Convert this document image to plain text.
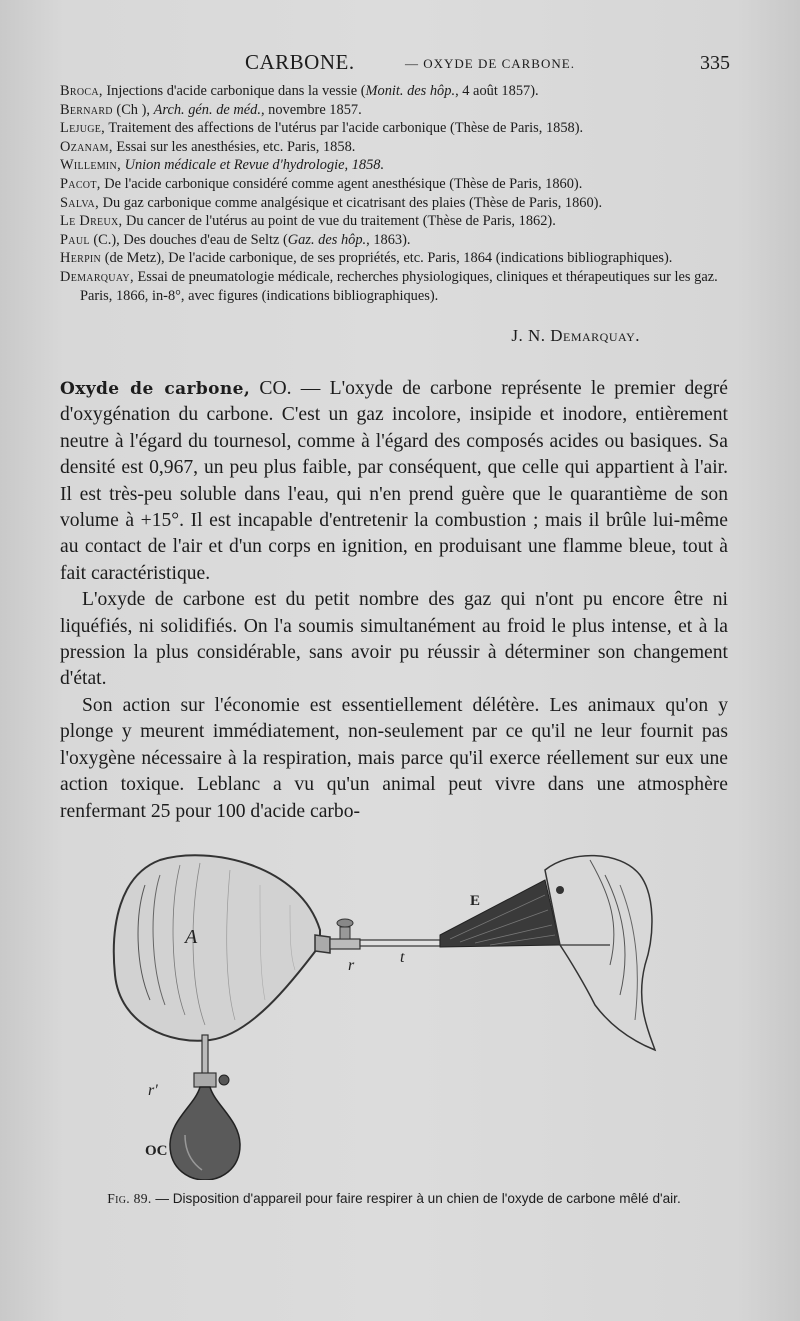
CARBONE.	— OXYDE DE CARBONE.	335
Broca, Injections d'acide carbonique dans la vessie (Monit. des hôp., 4 août 1857).
Bernard (Ch ), Arch. gén. de méd., novembre 1857.
Lejuge, Traitement des affections de l'utérus par l'acide carbonique (Thèse de Paris, 1858).
Ozanam, Essai sur les anesthésies, etc. Paris, 1858.
Willemin, Union médicale et Revue d'hydrologie, 1858.
Pacot, De l'acide carbonique considéré comme agent anesthésique (Thèse de Paris, 1860).
Salva, Du gaz carbonique comme analgésique et cicatrisant des plaies (Thèse de Paris, 1860).
Le Dreux, Du cancer de l'utérus au point de vue du traitement (Thèse de Paris, 1862).
Paul (C.), Des douches d'eau de Seltz (Gaz. des hôp., 1863).
Herpin (de Metz), De l'acide carbonique, de ses propriétés, etc. Paris, 1864 (indications bibliographiques).
Demarquay, Essai de pneumatologie médicale, recherches physiologiques, cliniques et thérapeutiques sur les gaz. Paris, 1866, in-8°, avec figures (indications bibliographiques).
J. N. Demarquay.

Oxyde de carbone, CO. — L'oxyde de carbone représente le premier degré d'oxygénation du carbone. C'est un gaz incolore, insipide et inodore, entièrement neutre à l'égard du tournesol, comme à l'égard des composés acides ou basiques. Sa densité est 0,967, un peu plus faible, par conséquent, que celle qui appartient à l'air. Il est très-peu soluble dans l'eau, qui n'en prend guère que le quarantième de son volume à +15°. Il est incapable d'entretenir la combustion ; mais il brûle lui-même au contact de l'air et d'un corps en ignition, en produisant une flamme bleue, tout à fait caractéristique.

L'oxyde de carbone est du petit nombre des gaz qui n'ont pu encore être ni liquéfiés, ni solidifiés. On l'a soumis simultanément au froid le plus intense, et à la pression la plus considérable, sans avoir pu réussir à déterminer son changement d'état.

Son action sur l'économie est essentiellement délétère. Les animaux qu'on y plonge y meurent immédiatement, non-seulement par ce qu'il ne leur fournit pas l'oxygène nécessaire à la respiration, mais parce qu'il exerce réellement sur eux une action toxique. Leblanc a vu qu'un animal peut vivre dans une atmosphère renfermant 25 pour 100 d'acide carbo-

A
r	t
E
r'
OC
Fig. 89. — Disposition d'appareil pour faire respirer à un chien de l'oxyde de carbone mêlé d'air.
